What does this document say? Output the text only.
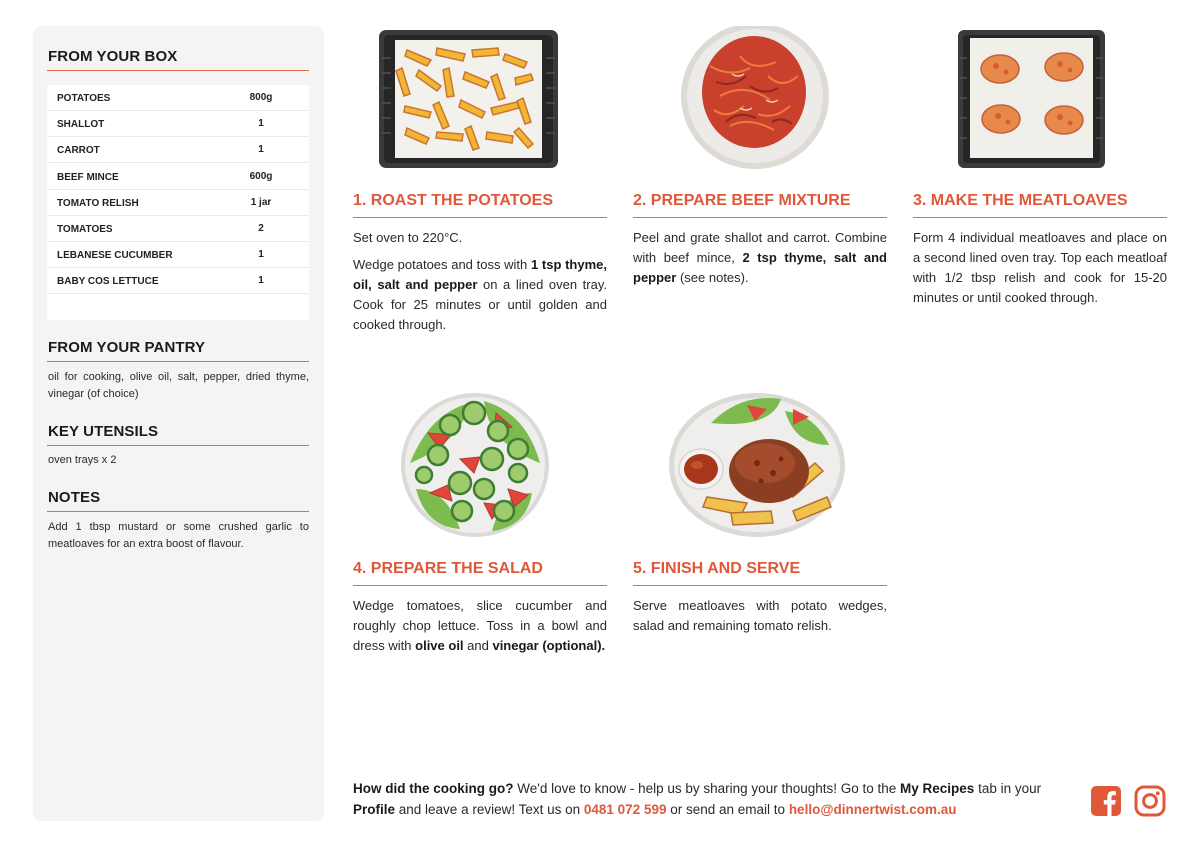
FROM YOUR BOX
POTATOES	800g
SHALLOT	1
CARROT	1
BEEF MINCE	600g
TOMATO RELISH	1 jar
TOMATOES	2
LEBANESE CUCUMBER	1
BABY COS LETTUCE	1
FROM YOUR PANTRY
oil for cooking, olive oil, salt, pepper, dried thyme, vinegar (of choice)
KEY UTENSILS
oven trays x 2
NOTES
Add 1 tbsp mustard or some crushed garlic to meatloaves for an extra boost of flavour.
1. ROAST THE POTATOES

Set oven to 220°C.

Wedge potatoes and toss with 1 tsp thyme, oil, salt and pepper on a lined oven tray. Cook for 25 minutes or until golden and cooked through.

2. PREPARE BEEF MIXTURE

Peel and grate shallot and carrot. Combine with beef mince, 2 tsp thyme, salt and pepper (see notes).

3. MAKE THE MEATLOAVES

Form 4 individual meatloaves and place on a second lined oven tray. Top each meatloaf with 1/2 tbsp relish and cook for 15-20 minutes or until cooked through.

4. PREPARE THE SALAD

Wedge tomatoes, slice cucumber and roughly chop lettuce. Toss in a bowl and dress with olive oil and vinegar (optional).

5. FINISH AND SERVE

Serve meatloaves with potato wedges, salad and remaining tomato relish.

How did the cooking go? We'd love to know - help us by sharing your thoughts! Go to the My Recipes tab in your Profile and leave a review! Text us on 0481 072 599 or send an email to hello@dinnertwist.com.au
